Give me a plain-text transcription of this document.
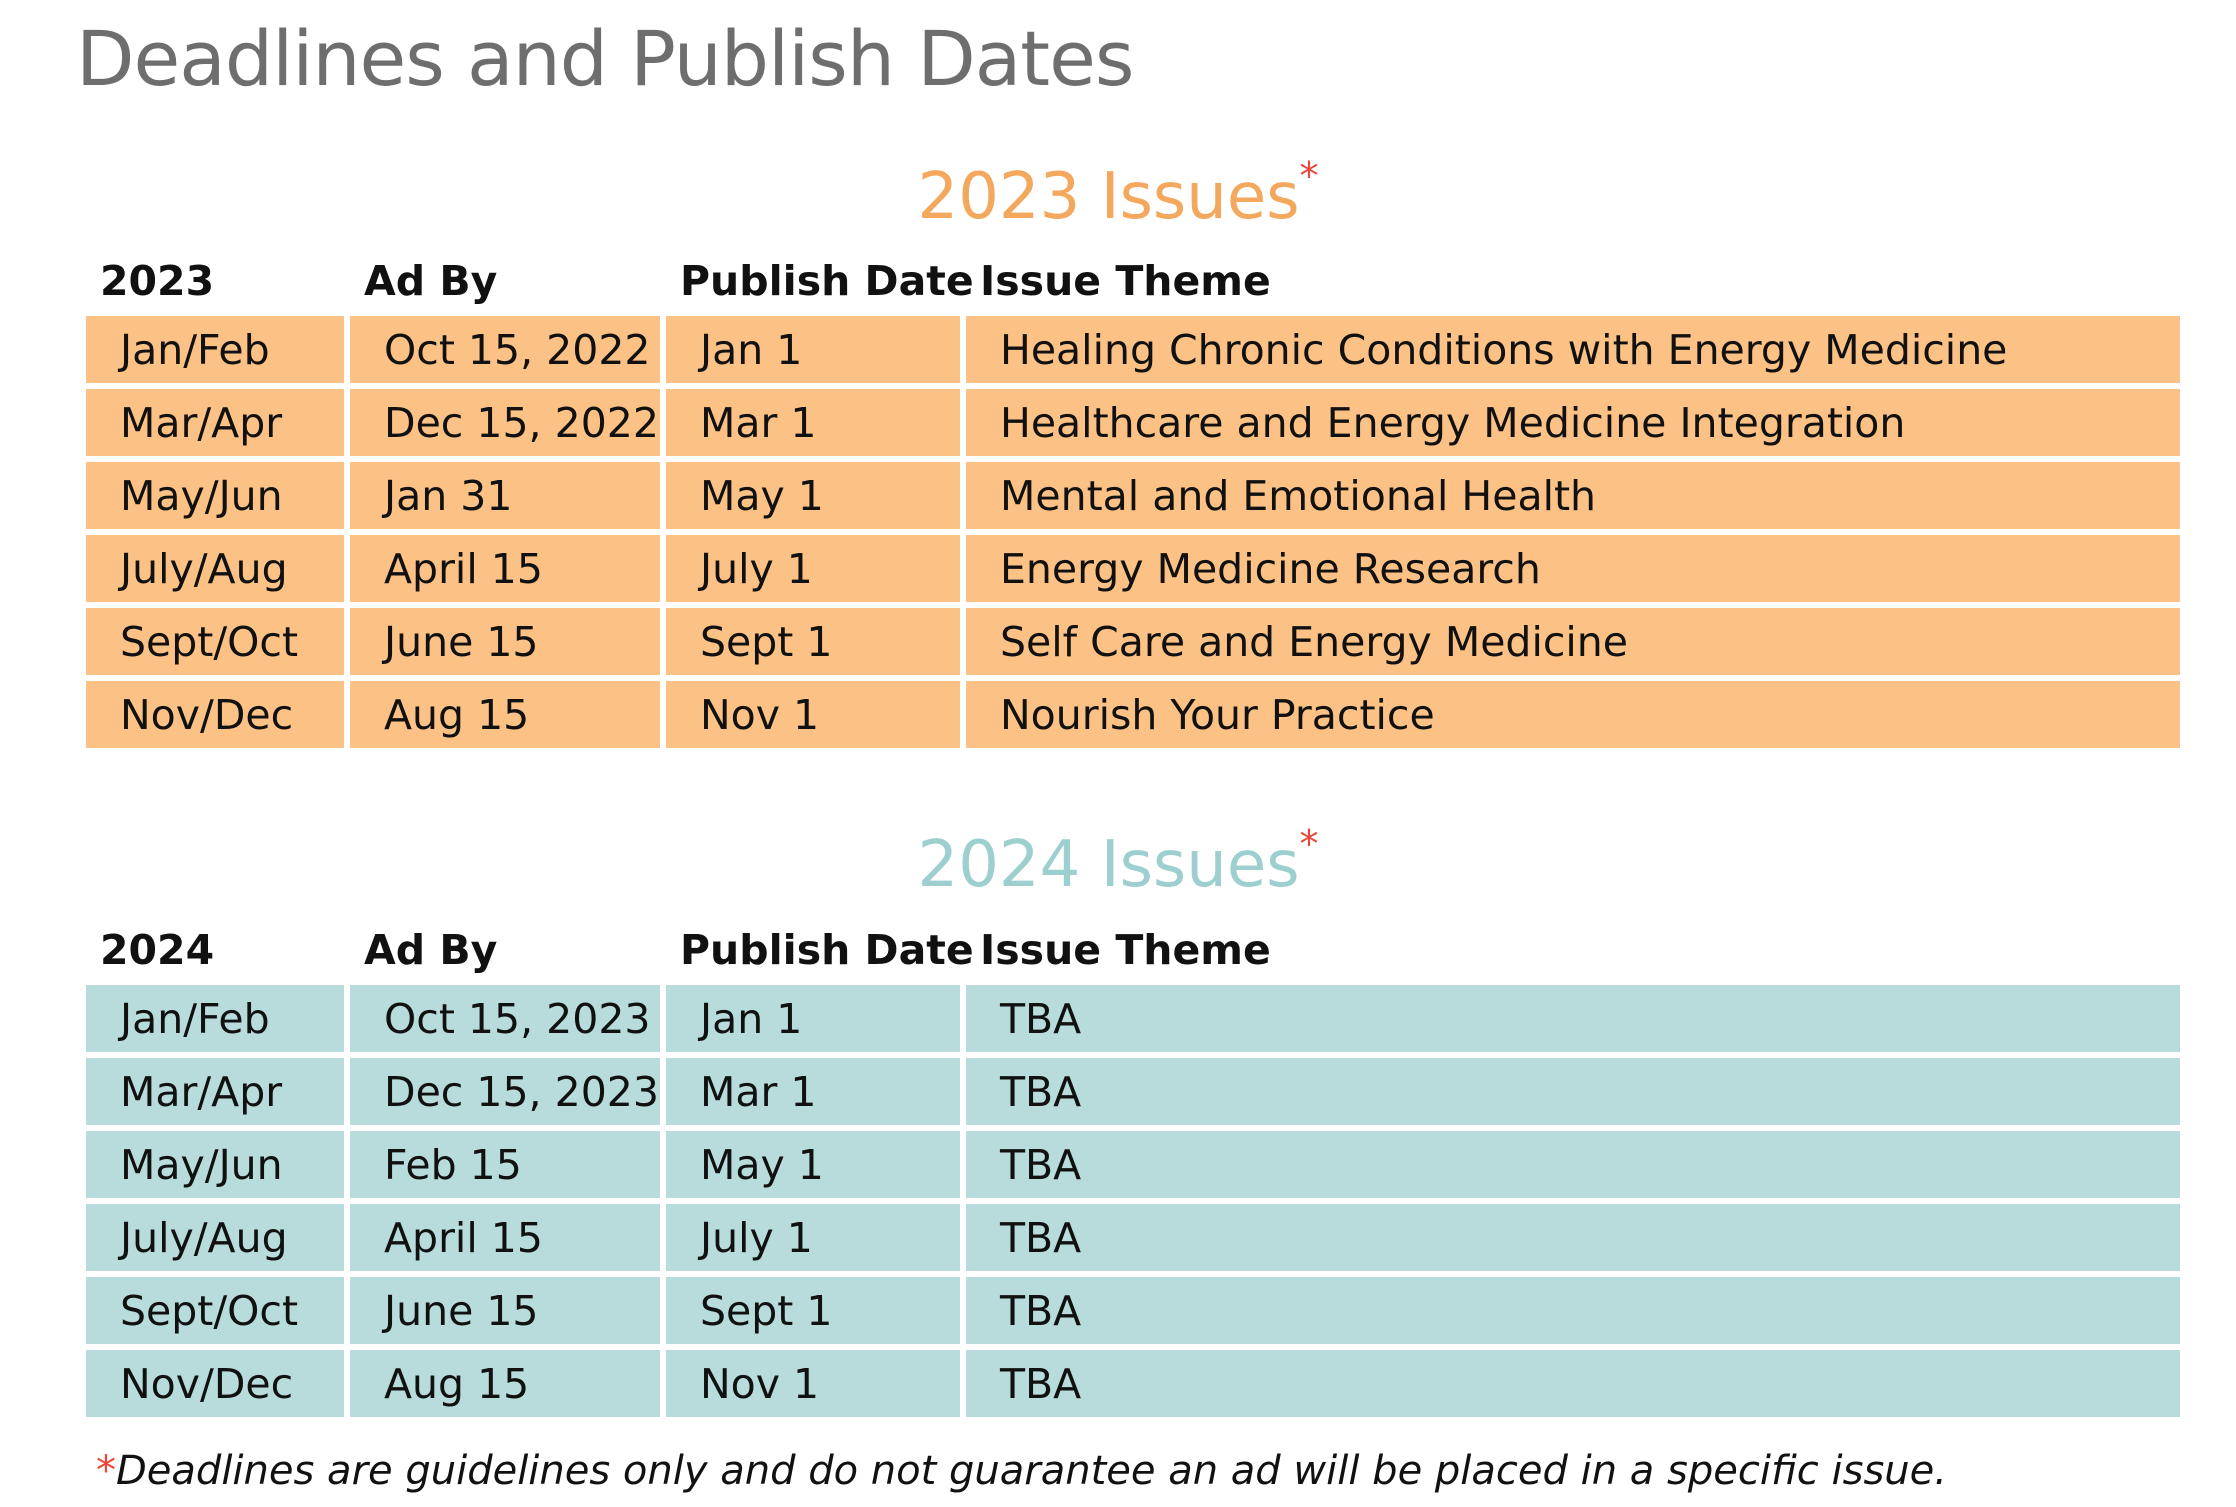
Deadlines and Publish Dates
2023 Issues*
2023	Ad By	Publish Date	Issue Theme
Jan/Feb	Oct 15, 2022	Jan 1	Healing Chronic Conditions with Energy Medicine
Mar/Apr	Dec 15, 2022	Mar 1	Healthcare and Energy Medicine Integration
May/Jun	Jan 31	May 1	Mental and Emotional Health
July/Aug	April 15	July 1	Energy Medicine Research
Sept/Oct	June 15	Sept 1	Self Care and Energy Medicine
Nov/Dec	Aug 15	Nov 1	Nourish Your Practice
2024 Issues*
2024	Ad By	Publish Date	Issue Theme
Jan/Feb	Oct 15, 2023	Jan 1	TBA
Mar/Apr	Dec 15, 2023	Mar 1	TBA
May/Jun	Feb 15	May 1	TBA
July/Aug	April 15	July 1	TBA
Sept/Oct	June 15	Sept 1	TBA
Nov/Dec	Aug 15	Nov 1	TBA
*Deadlines are guidelines only and do not guarantee an ad will be placed in a specific issue.
